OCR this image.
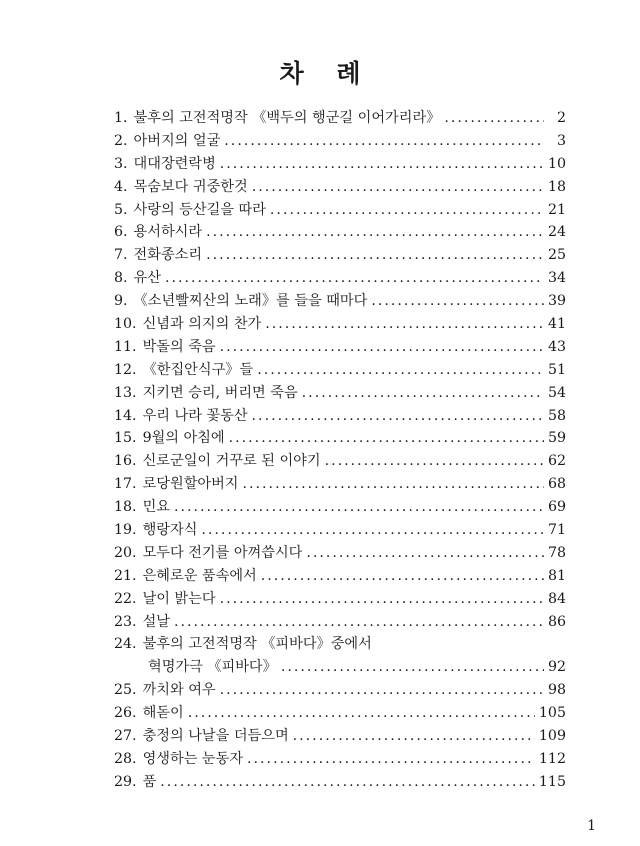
차 례
1. 불후의 고전적명작 《백두의 행군길 이어가리라》 .....	2
2. 아버지의 얼굴 .....	3
3. 대대장련락병 .....	10
4. 목숨보다 귀중한것 .....	18
5. 사랑의 등산길을 따라 .....	21
6. 용서하시라 .....	24
7. 전화종소리 .....	25
8. 유산 .....	34
9. 《소년빨찌산의 노래》를 들을 때마다 .....	39
10. 신념과 의지의 찬가 .....	41
11. 박돌의 죽음 .....	43
12. 《한집안식구》들 .....	51
13. 지키면 승리, 버리면 죽음 .....	54
14. 우리 나라 꽃동산 .....	58
15. 9월의 아침에 .....	59
16. 신로군일이 거꾸로 된 이야기 .....	62
17. 로당원할아버지 .....	68
18. 민요 .....	69
19. 행랑자식 .....	71
20. 모두다 전기를 아껴씁시다 .....	78
21. 은혜로운 품속에서 .....	81
22. 날이 밝는다 .....	84
23. 설날 .....	86
24. 불후의 고전적명작 《피바다》중에서
혁명가극 《피바다》 .....	92
25. 까치와 여우 .....	98
26. 해돋이 .....	105
27. 충정의 나날을 더듬으며 .....	109
28. 영생하는 눈동자 .....	112
29. 품 .....	115
1
